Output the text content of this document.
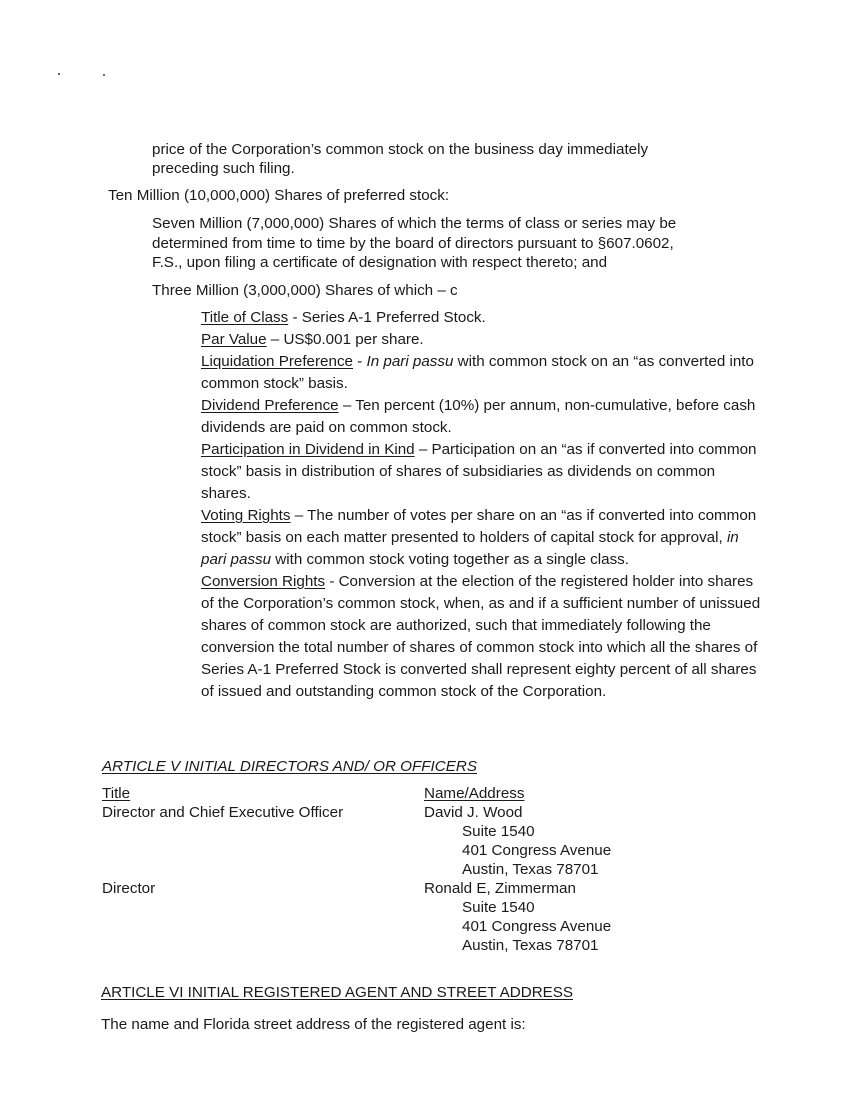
price of the Corporation’s common stock on the business day immediately
preceding such filing.
Ten Million (10,000,000) Shares of preferred stock:
Seven Million (7,000,000) Shares of which the terms of class or series may be
determined from time to time by the board of directors pursuant to §607.0602,
F.S., upon filing a certificate of designation with respect thereto; and
Three Million (3,000,000) Shares of which – c

Title of Class - Series A-1 Preferred Stock.

Par Value – US$0.001 per share.

Liquidation Preference - In pari passu with common stock on an “as converted into common stock” basis.

Dividend Preference – Ten percent (10%) per annum, non-cumulative, before cash dividends are paid on common stock.

Participation in Dividend in Kind – Participation on an “as if converted into common stock” basis in distribution of shares of subsidiaries as dividends on common shares.

Voting Rights – The number of votes per share on an “as if converted into common stock” basis on each matter presented to holders of capital stock for approval, in pari passu with common stock voting together as a single class.

Conversion Rights - Conversion at the election of the registered holder into shares of the Corporation’s common stock, when, as and if a sufficient number of unissued shares of common stock are authorized, such that immediately following the conversion the total number of shares of common stock into which all the shares of Series A-1 Preferred Stock is converted shall represent eighty percent of all shares of issued and outstanding common stock of the Corporation.

ARTICLE V INITIAL DIRECTORS AND/ OR OFFICERS
Title	Name/Address
Director and Chief Executive Officer	David J. Wood
Suite 1540
401 Congress Avenue
Austin, Texas 78701
Director	Ronald E, Zimmerman
Suite 1540
401 Congress Avenue
Austin, Texas 78701
ARTICLE VI INITIAL REGISTERED AGENT AND STREET ADDRESS
The name and Florida street address of the registered agent is:
